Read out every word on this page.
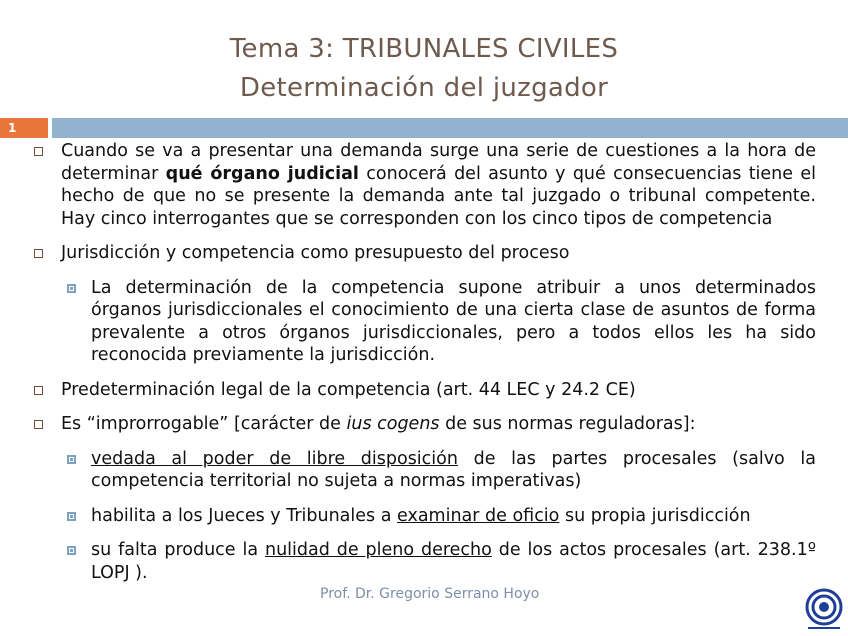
Tema 3: TRIBUNALES CIVILES
Determinación del juzgador
1
Cuando se va a presentar una demanda surge una serie de cuestiones a la hora de determinar qué órgano judicial conocerá del asunto y qué consecuencias tiene el hecho de que no se presente la demanda ante tal juzgado o tribunal competente. Hay cinco interrogantes que se corresponden con los cinco tipos de competencia
Jurisdicción y competencia como presupuesto del proceso
La determinación de la competencia supone atribuir a unos determinados órganos jurisdiccionales el conocimiento de una cierta clase de asuntos de forma prevalente a otros órganos jurisdiccionales, pero a todos ellos les ha sido reconocida previamente la jurisdicción.
Predeterminación legal de la competencia (art. 44 LEC y 24.2 CE)
Es “improrrogable” [carácter de ius cogens de sus normas reguladoras]:
vedada al poder de libre disposición de las partes procesales (salvo la competencia territorial no sujeta a normas imperativas)
habilita a los Jueces y Tribunales a examinar de oficio su propia jurisdicción
su falta produce la nulidad de pleno derecho de los actos procesales (art. 238.1º LOPJ ).
Prof. Dr. Gregorio Serrano Hoyo
